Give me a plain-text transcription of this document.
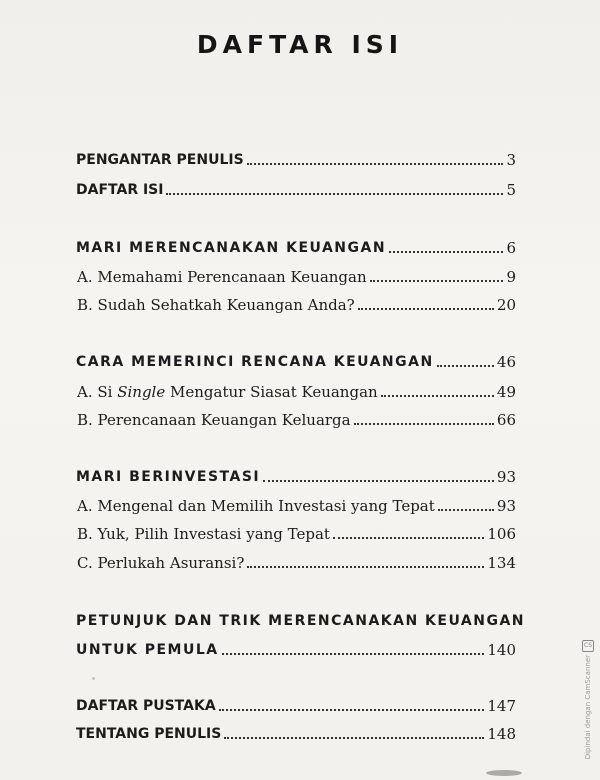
DAFTAR ISI
PENGANTAR PENULIS	3
DAFTAR ISI	5
MARI MERENCANAKAN KEUANGAN	6
A. Memahami Perencanaan Keuangan	9
B. Sudah Sehatkah Keuangan Anda?	20
CARA MEMERINCI RENCANA KEUANGAN	46
A. Si Single Mengatur Siasat Keuangan	49
B. Perencanaan Keuangan Keluarga	66
MARI BERINVESTASI	93
A. Mengenal dan Memilih Investasi yang Tepat	93
B. Yuk, Pilih Investasi yang Tepat	106
C. Perlukah Asuransi?	134
PETUNJUK DAN TRIK MERENCANAKAN KEUANGAN
UNTUK PEMULA	140
DAFTAR PUSTAKA	147
TENTANG PENULIS	148
CS
Dipindai dengan CamScanner
